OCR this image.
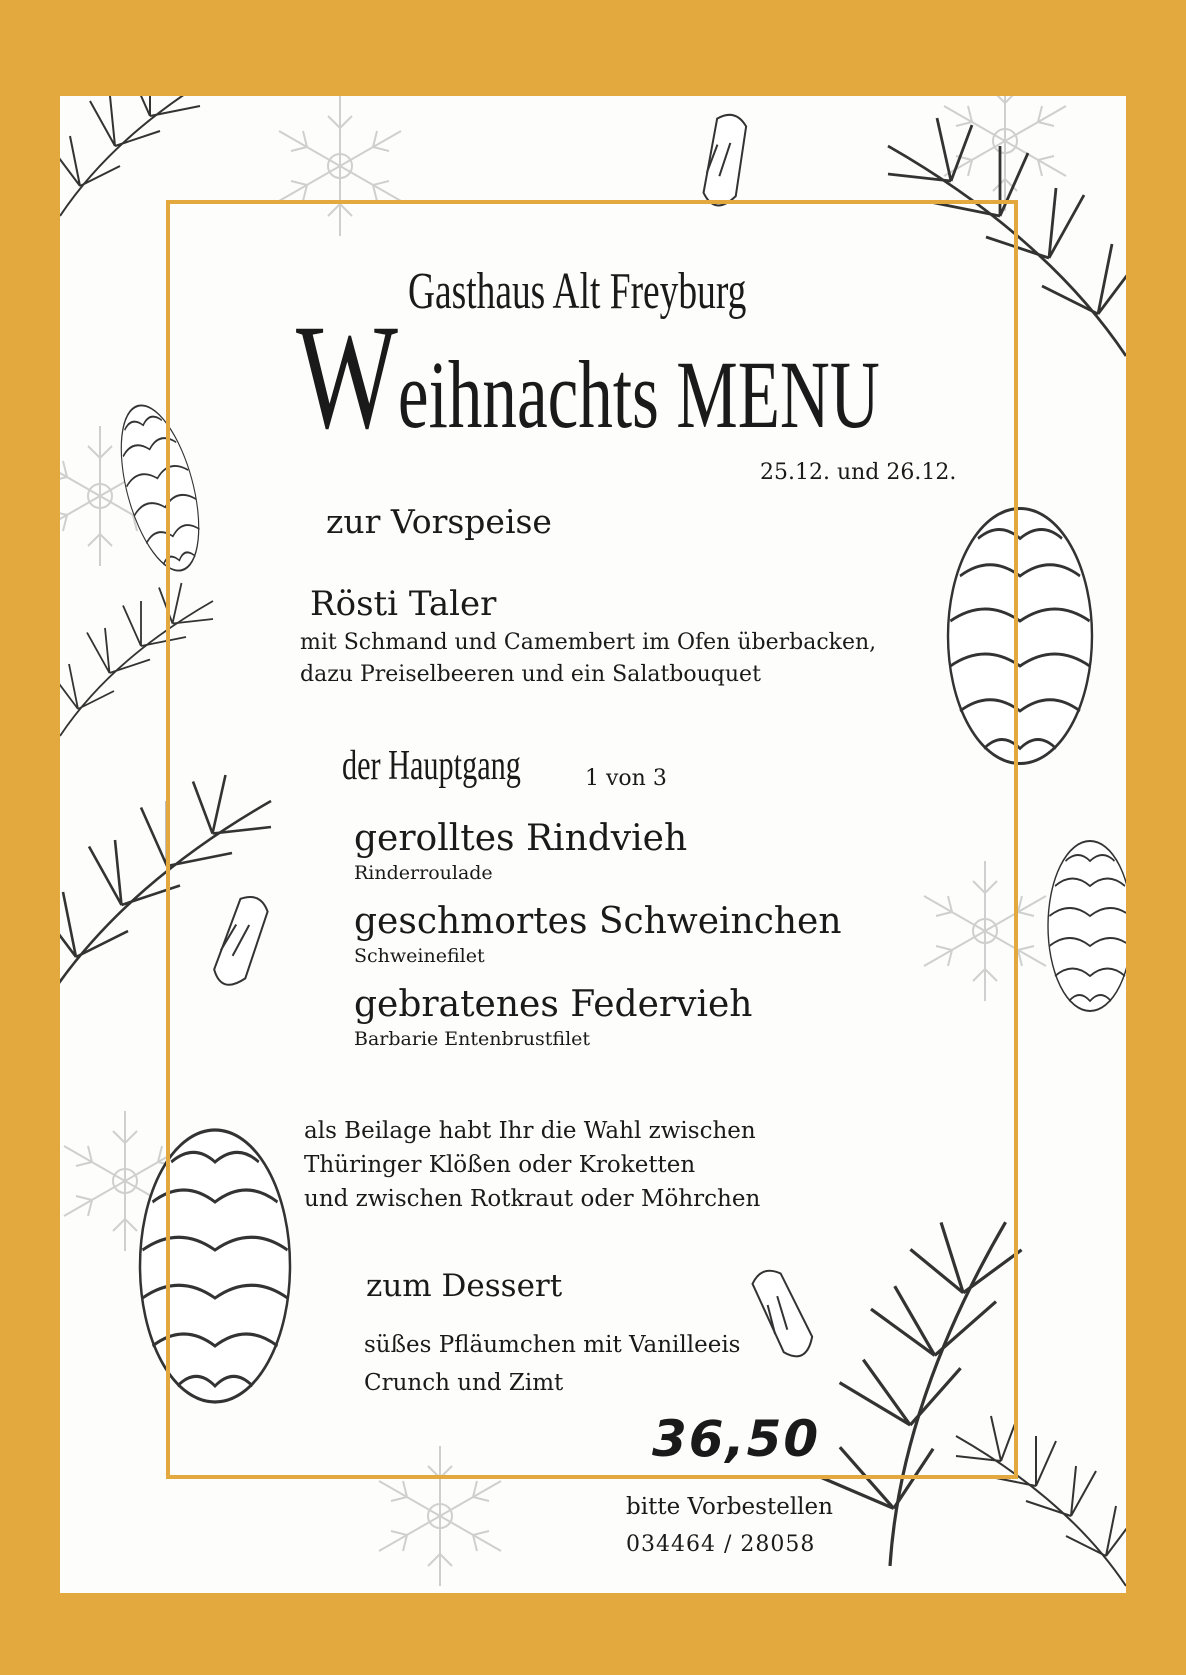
Gasthaus Alt Freyburg
Weihnachts MENU
25.12. und 26.12.
zur Vorspeise
Rösti Taler
mit Schmand und Camembert im Ofen überbacken,
dazu Preiselbeeren und ein Salatbouquet
der Hauptgang	1 von 3
gerolltes Rindvieh
Rinderroulade
geschmortes Schweinchen
Schweinefilet
gebratenes Federvieh
Barbarie Entenbrustfilet
als Beilage habt Ihr die Wahl zwischen
Thüringer Klößen oder Kroketten
und zwischen Rotkraut oder Möhrchen
zum Dessert
süßes Pfläumchen mit Vanilleeis
Crunch und Zimt
36,50
bitte Vorbestellen
034464 / 28058
